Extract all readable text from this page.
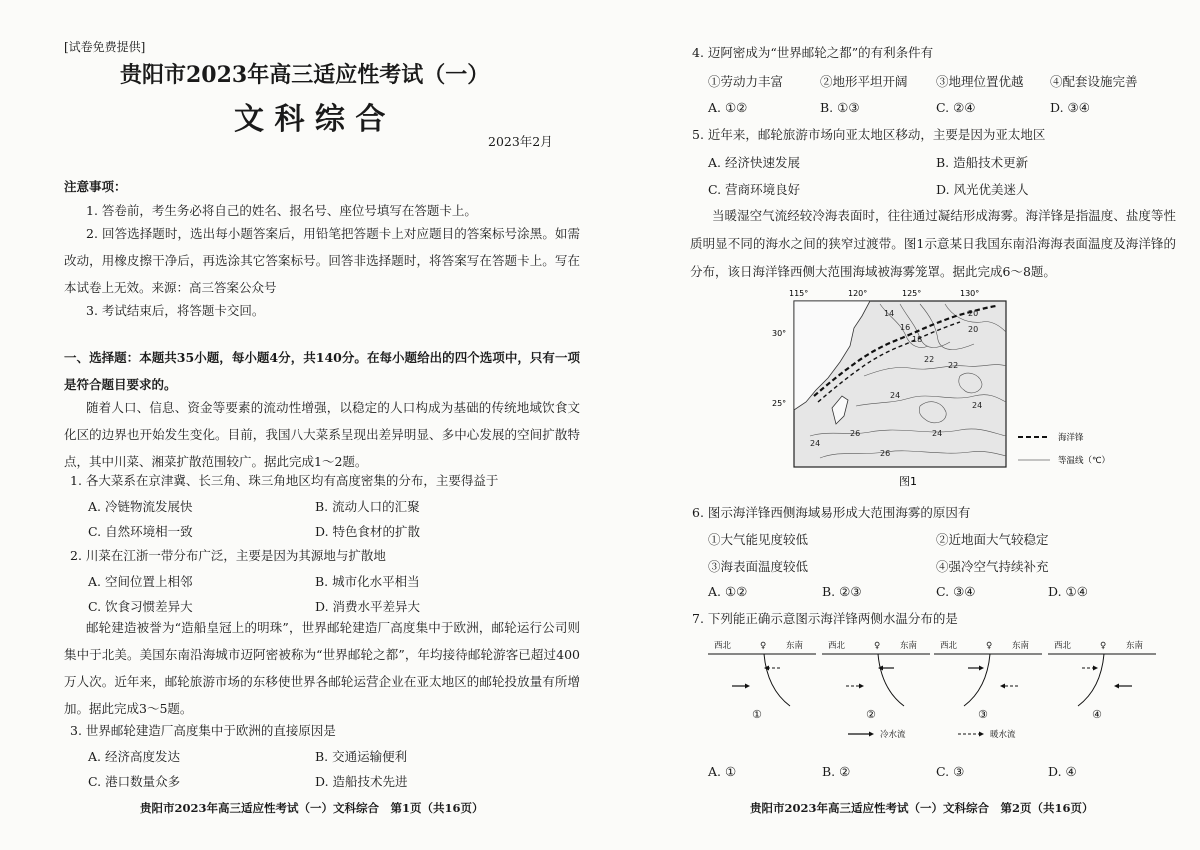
[试卷免费提供]
贵阳市2023年高三适应性考试（一）
文 科 综 合
2023年2月
注意事项：
1. 答卷前，考生务必将自己的姓名、报名号、座位号填写在答题卡上。
2. 回答选择题时，选出每小题答案后，用铅笔把答题卡上对应题目的答案标号涂黑。如需改动，用橡皮擦干净后，再选涂其它答案标号。回答非选择题时，将答案写在答题卡上。写在本试卷上无效。来源：高三答案公众号
3. 考试结束后，将答题卡交回。
一、选择题：本题共35小题，每小题4分，共140分。在每小题给出的四个选项中，只有一项是符合题目要求的。
随着人口、信息、资金等要素的流动性增强，以稳定的人口构成为基础的传统地域饮食文化区的边界也开始发生变化。目前，我国八大菜系呈现出差异明显、多中心发展的空间扩散特点，其中川菜、湘菜扩散范围较广。据此完成1～2题。
1. 各大菜系在京津冀、长三角、珠三角地区均有高度密集的分布，主要得益于
A. 冷链物流发展快	B. 流动人口的汇聚
C. 自然环境相一致	D. 特色食材的扩散
2. 川菜在江浙一带分布广泛，主要是因为其源地与扩散地
A. 空间位置上相邻	B. 城市化水平相当
C. 饮食习惯差异大	D. 消费水平差异大
邮轮建造被誉为“造船皇冠上的明珠”，世界邮轮建造厂高度集中于欧洲，邮轮运行公司则集中于北美。美国东南沿海城市迈阿密被称为“世界邮轮之都”，年均接待邮轮游客已超过400万人次。近年来，邮轮旅游市场的东移使世界各邮轮运营企业在亚太地区的邮轮投放量有所增加。据此完成3～5题。
3. 世界邮轮建造厂高度集中于欧洲的直接原因是
A. 经济高度发达	B. 交通运输便利
C. 港口数量众多	D. 造船技术先进
贵阳市2023年高三适应性考试（一）文科综合　第1页（共16页）
4. 迈阿密成为“世界邮轮之都”的有利条件有
①劳动力丰富	②地形平坦开阔 ③地理位置优越 ④配套设施完善
A. ①②	B. ①③	C. ②④	D. ③④
5. 近年来，邮轮旅游市场向亚太地区移动，主要是因为亚太地区
A. 经济快速发展	B. 造船技术更新
C. 营商环境良好	D. 风光优美迷人
当暖湿空气流经较冷海表面时，往往通过凝结形成海雾。海洋锋是指温度、盐度等性质明显不同的海水之间的狭窄过渡带。图1示意某日我国东南沿海海表面温度及海洋锋的分布，该日海洋锋西侧大范围海域被海雾笼罩。据此完成6～8题。
115°	120°	125°	130°
30°
25°
14
16
18
20
22
24
26
20
22
24
24
24
26
海洋锋
等温线（℃）
图1
6. 图示海洋锋西侧海域易形成大范围海雾的原因有
①大气能见度较低	②近地面大气较稳定
③海表面温度较低	④强冷空气持续补充
A. ①②	B. ②③	C. ③④	D. ①④
7. 下列能正确示意图示海洋锋两侧水温分布的是
西北	♀ 东南
①
西北	♀ 东南
②
西北	♀ 东南
③
西北	♀ 东南
④
冷水流	暖水流
A. ①	B. ②	C. ③	D. ④
贵阳市2023年高三适应性考试（一）文科综合　第2页（共16页）
